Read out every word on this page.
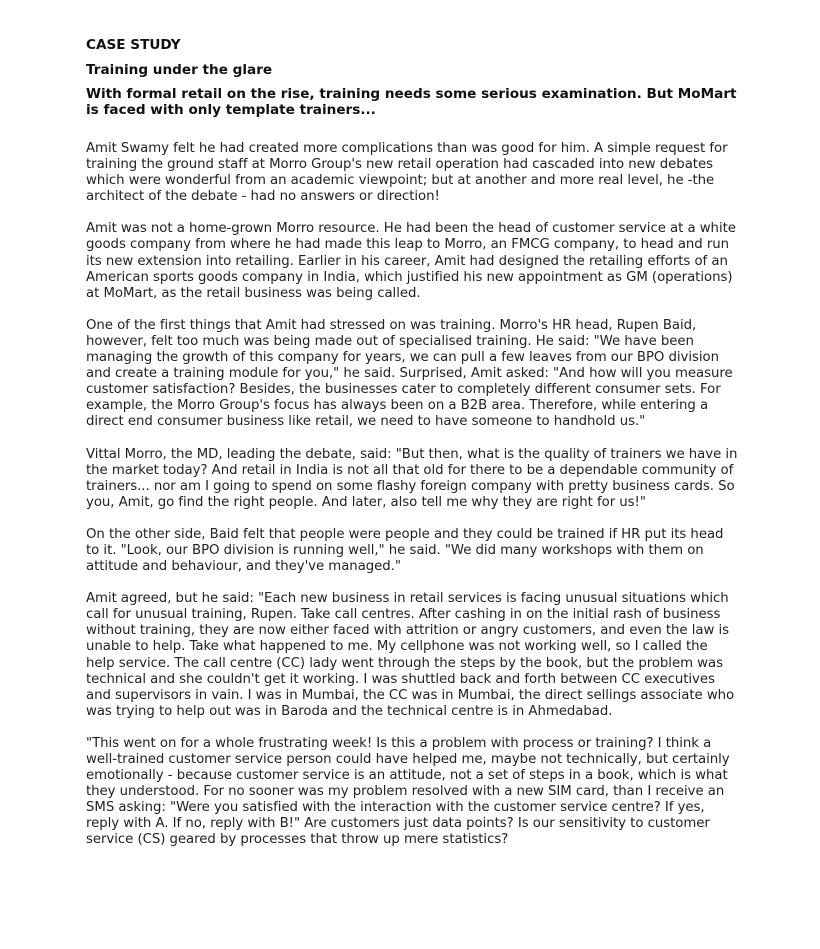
CASE STUDY
Training under the glare
With formal retail on the rise, training needs some serious examination. But MoMart is faced with only template trainers...

Amit Swamy felt he had created more complications than was good for him. A simple request for training the ground staff at Morro Group's new retail operation had cascaded into new debates which were wonderful from an academic viewpoint; but at another and more real level, he -the architect of the debate - had no answers or direction!

Amit was not a home-grown Morro resource. He had been the head of customer service at a white goods company from where he had made this leap to Morro, an FMCG company, to head and run its new extension into retailing. Earlier in his career, Amit had designed the retailing efforts of an American sports goods company in India, which justified his new appointment as GM (operations) at MoMart, as the retail business was being called.

One of the first things that Amit had stressed on was training. Morro's HR head, Rupen Baid, however, felt too much was being made out of specialised training. He said: "We have been managing the growth of this company for years, we can pull a few leaves from our BPO division and create a training module for you," he said. Surprised, Amit asked: "And how will you measure customer satisfaction? Besides, the businesses cater to completely different consumer sets. For example, the Morro Group's focus has always been on a B2B area. Therefore, while entering a direct end consumer business like retail, we need to have someone to handhold us."

Vittal Morro, the MD, leading the debate, said: "But then, what is the quality of trainers we have in the market today? And retail in India is not all that old for there to be a dependable community of trainers... nor am I going to spend on some flashy foreign company with pretty business cards. So you, Amit, go find the right people. And later, also tell me why they are right for us!"

On the other side, Baid felt that people were people and they could be trained if HR put its head to it. "Look, our BPO division is running well," he said. "We did many workshops with them on attitude and behaviour, and they've managed."

Amit agreed, but he said: "Each new business in retail services is facing unusual situations which call for unusual training, Rupen. Take call centres. After cashing in on the initial rash of business without training, they are now either faced with attrition or angry customers, and even the law is unable to help. Take what happened to me. My cellphone was not working well, so I called the help service. The call centre (CC) lady went through the steps by the book, but the problem was technical and she couldn't get it working. I was shuttled back and forth between CC executives and supervisors in vain. I was in Mumbai, the CC was in Mumbai, the direct sellings associate who was trying to help out was in Baroda and the technical centre is in Ahmedabad.

"This went on for a whole frustrating week! Is this a problem with process or training? I think a well-trained customer service person could have helped me, maybe not technically, but certainly emotionally - because customer service is an attitude, not a set of steps in a book, which is what they understood. For no sooner was my problem resolved with a new SIM card, than I receive an SMS asking: "Were you satisfied with the interaction with the customer service centre? If yes, reply with A. If no, reply with B!" Are customers just data points? Is our sensitivity to customer service (CS) geared by processes that throw up mere statistics?
